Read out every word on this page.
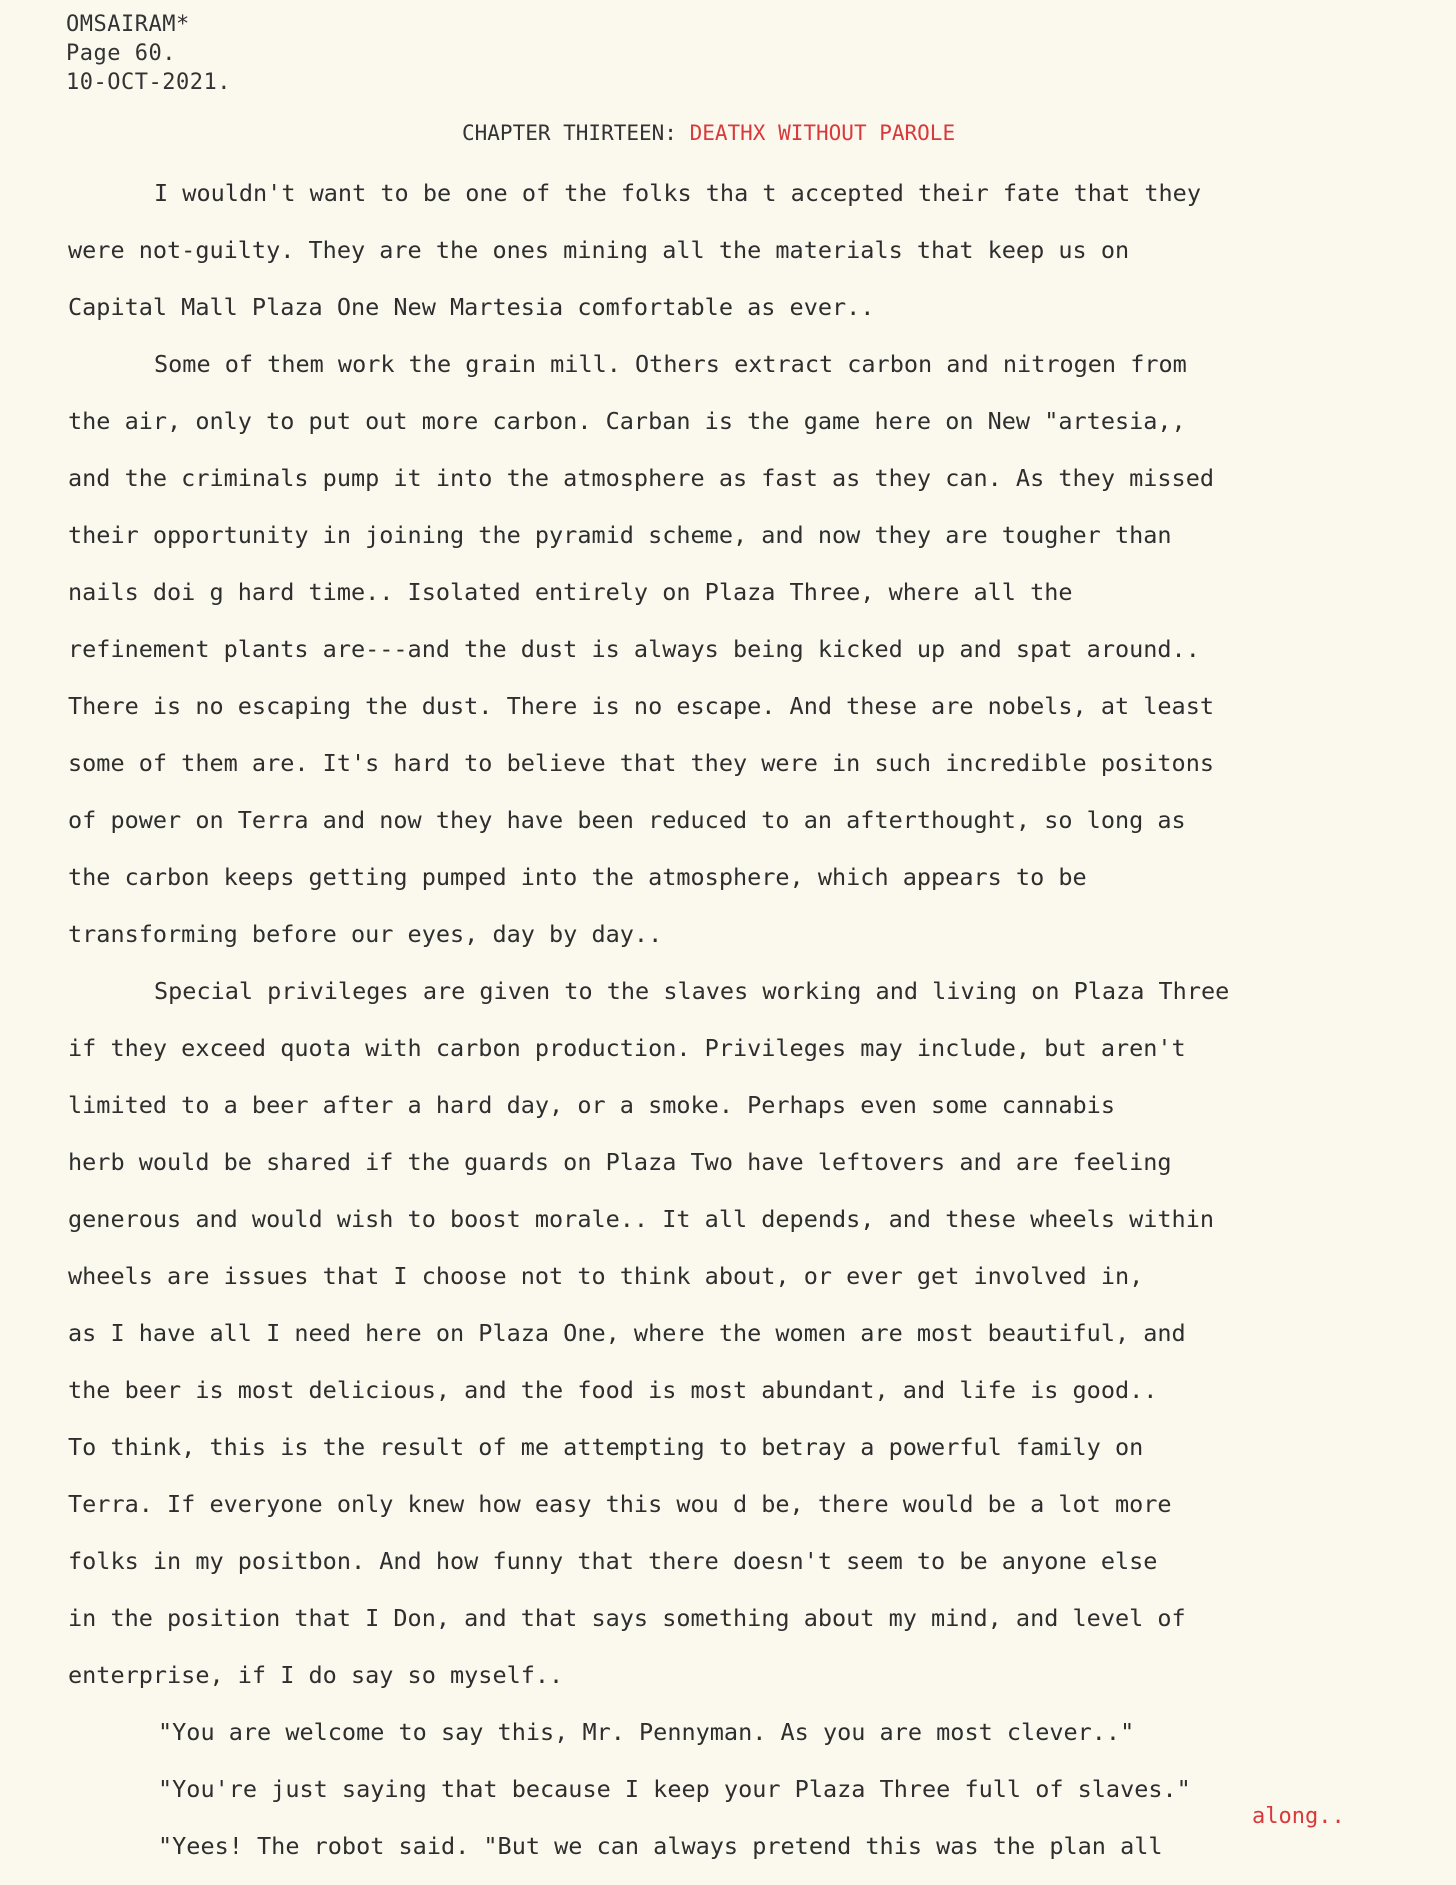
OMSAIRAM*
Page 60.
10-OCT-2021.
CHAPTER THIRTEEN: DEATHX WITHOUT PAROLE
I wouldn't want to be one of the folks tha t accepted their fate that they
were not-guilty. They are the ones mining all the materials that keep us on
Capital Mall Plaza One New Martesia comfortable as ever..
Some of them work the grain mill. Others extract carbon and nitrogen from
the air, only to put out more carbon. Carban is the game here on New "artesia,,
and the criminals pump it into the atmosphere as fast as they can. As they missed
their opportunity in joining the pyramid scheme, and now they are tougher than
nails doi g hard time.. Isolated entirely on Plaza Three, where all the
refinement plants are---and the dust is always being kicked up and spat around..
There is no escaping the dust. There is no escape. And these are nobels, at least
some of them are. It's hard to believe that they were in such incredible positons
of power on Terra and now they have been reduced to an afterthought, so long as
the carbon keeps getting pumped into the atmosphere, which appears to be
transforming before our eyes, day by day..
Special privileges are given to the slaves working and living on Plaza Three
if they exceed quota with carbon production. Privileges may include, but aren't
limited to a beer after a hard day, or a smoke. Perhaps even some cannabis
herb would be shared if the guards on Plaza Two have leftovers and are feeling
generous and would wish to boost morale.. It all depends, and these wheels within
wheels are issues that I choose not to think about, or ever get involved in,
as I have all I need here on Plaza One, where the women are most beautiful, and
the beer is most delicious, and the food is most abundant, and life is good..
To think, this is the result of me attempting to betray a powerful family on
Terra. If everyone only knew how easy this wou d be, there would be a lot more
folks in my positbon. And how funny that there doesn't seem to be anyone else
in the position that I Don, and that says something about my mind, and level of
enterprise, if I do say so myself..
"You are welcome to say this, Mr. Pennyman. As you are most clever.."
"You're just saying that because I keep your Plaza Three full of slaves."
"Yees! The robot said. "But we can always pretend this was the plan all
along..
